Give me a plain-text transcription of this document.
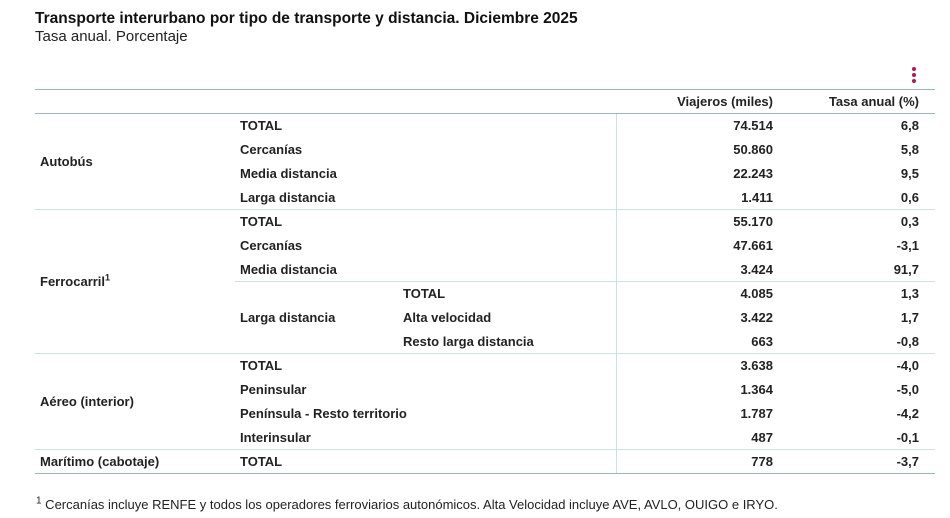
Transporte interurbano por tipo de transporte y distancia. Diciembre 2025
Tasa anual. Porcentaje
			Viajeros (miles)	Tasa anual (%)
Autobús	TOTAL		74.514	6,8
	Cercanías		50.860	5,8
	Media distancia		22.243	9,5
	Larga distancia		1.411	0,6
Ferrocarril$^1$	TOTAL		55.170	0,3
	Cercanías		47.661	-3,1
	Media distancia		3.424	91,7
	Larga distancia	TOTAL	4.085	1,3
		Alta velocidad	3.422	1,7
		Resto larga distancia	663	-0,8
Aéreo (interior)	TOTAL		3.638	-4,0
	Peninsular		1.364	-5,0
	Península - Resto territorio		1.787	-4,2
	Interinsular		487	-0,1
Marítimo (cabotaje)	TOTAL		778	-3,7
$^1$ Cercanías incluye RENFE y todos los operadores ferroviarios autonómicos. Alta Velocidad incluye AVE, AVLO, OUIGO e IRYO.
